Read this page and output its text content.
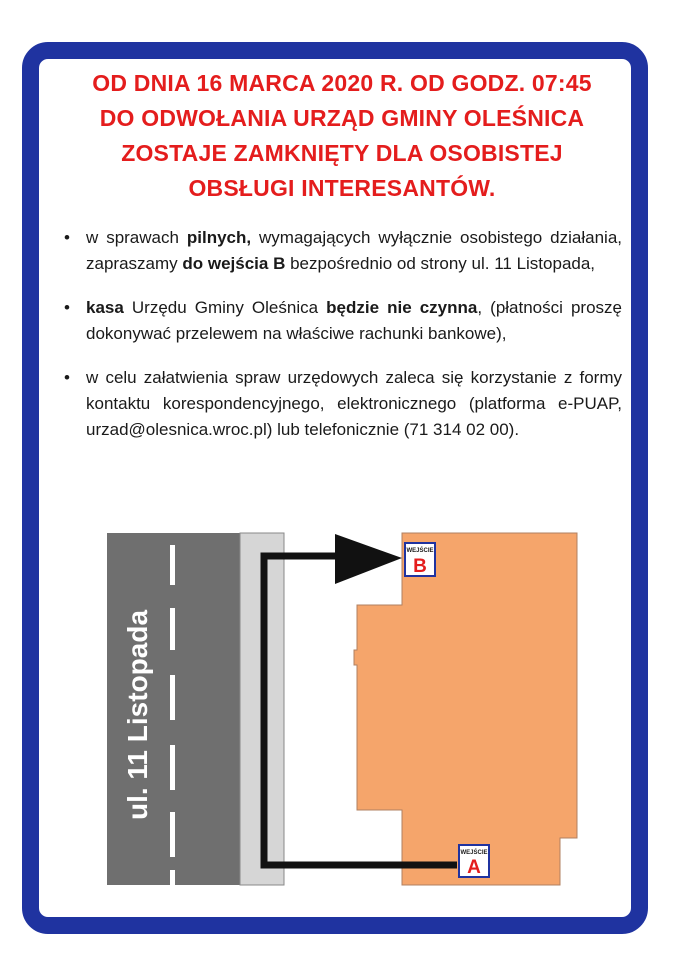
OD DNIA 16 MARCA 2020 R. OD GODZ. 07:45
DO ODWOŁANIA URZĄD GMINY OLEŚNICA
ZOSTAJE ZAMKNIĘTY DLA OSOBISTEJ
OBSŁUGI INTERESANTÓW.
• w sprawach pilnych, wymagających wyłącznie osobistego działania, zapraszamy do wejścia B bezpośrednio od strony ul. 11 Listopada,
• kasa Urzędu Gminy Oleśnica będzie nie czynna, (płatności proszę dokonywać przelewem na właściwe rachunki bankowe),
• w celu załatwienia spraw urzędowych zaleca się korzystanie z formy kontaktu korespondencyjnego, elektronicznego (platforma e-PUAP, urzad@olesnica.wroc.pl) lub telefonicznie (71 314 02 00).
ul. 11 Listopada
WEJŚCIE
B
WEJŚCIE
A
